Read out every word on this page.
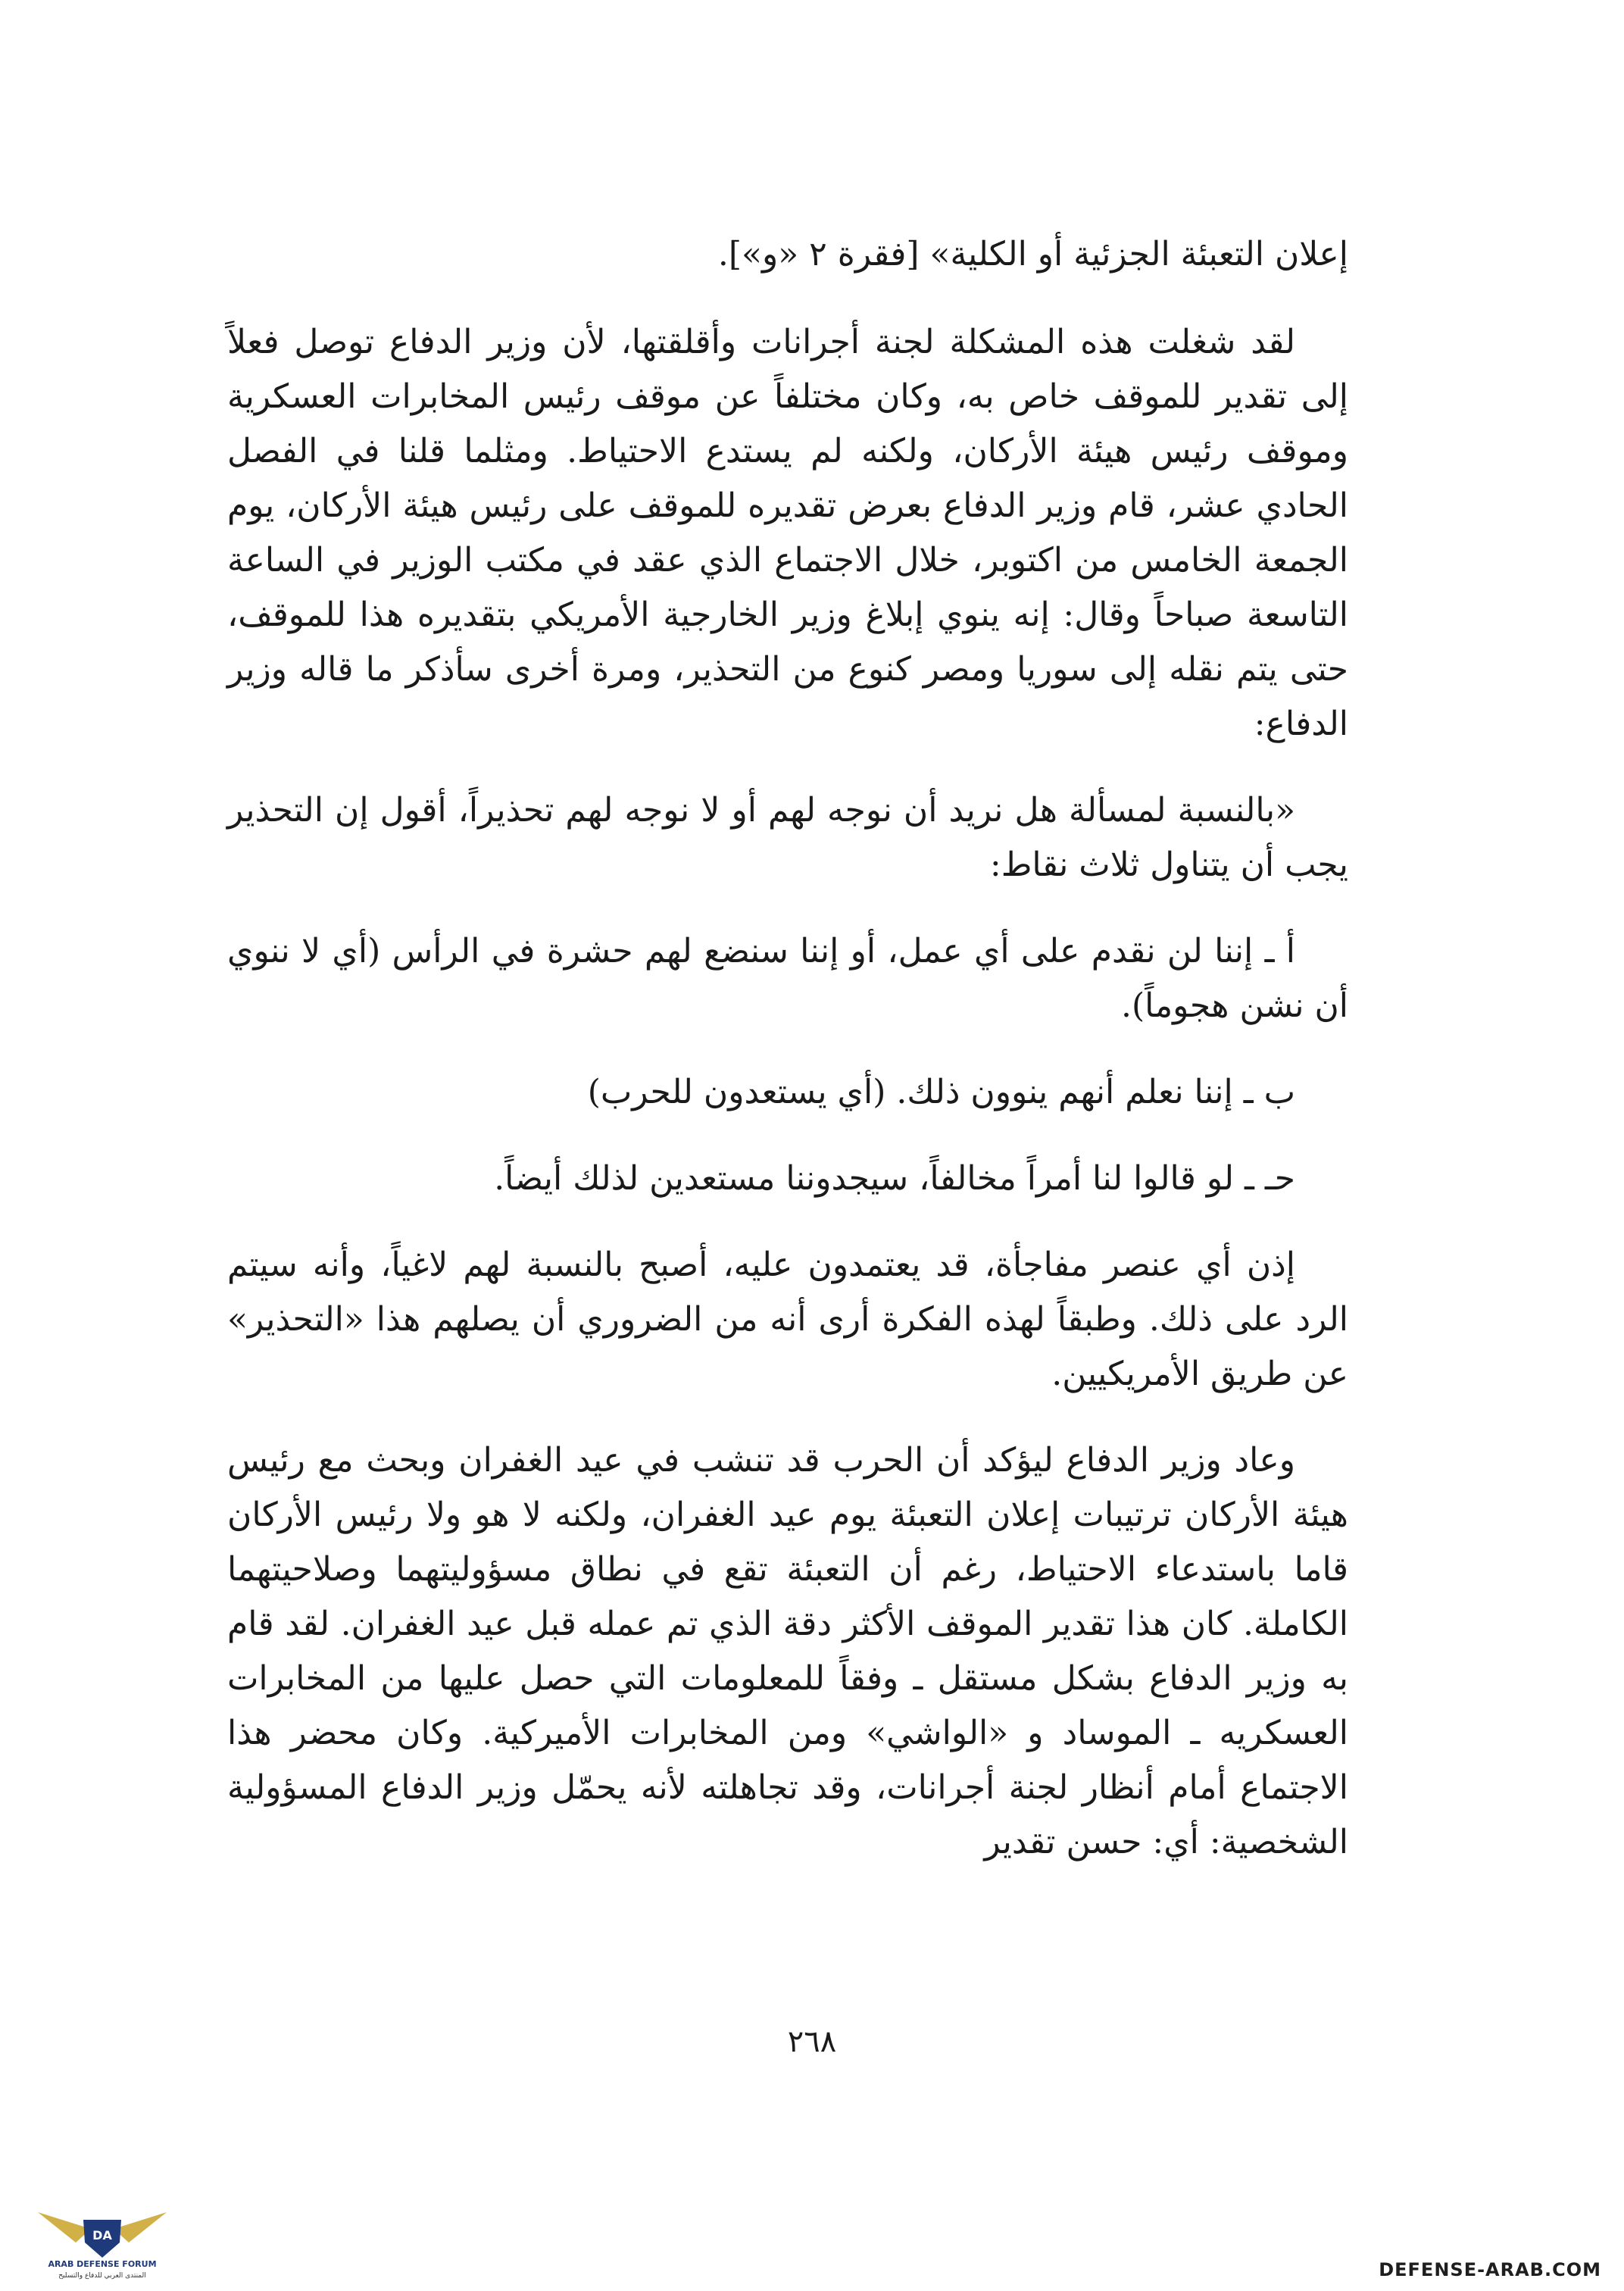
إعلان التعبئة الجزئية أو الكلية» [فقرة ٢ «و»].

لقد شغلت هذه المشكلة لجنة أجرانات وأقلقتها، لأن وزير الدفاع توصل فعلاً إلى تقدير للموقف خاص به، وكان مختلفاً عن موقف رئيس المخابرات العسكرية وموقف رئيس هيئة الأركان، ولكنه لم يستدع الاحتياط. ومثلما قلنا في الفصل الحادي عشر، قام وزير الدفاع بعرض تقديره للموقف على رئيس هيئة الأركان، يوم الجمعة الخامس من اكتوبر، خلال الاجتماع الذي عقد في مكتب الوزير في الساعة التاسعة صباحاً وقال: إنه ينوي إبلاغ وزير الخارجية الأمريكي بتقديره هذا للموقف، حتى يتم نقله إلى سوريا ومصر كنوع من التحذير، ومرة أخرى سأذكر ما قاله وزير الدفاع:

«بالنسبة لمسألة هل نريد أن نوجه لهم أو لا نوجه لهم تحذيراً، أقول إن التحذير يجب أن يتناول ثلاث نقاط:

أ ـ إننا لن نقدم على أي عمل، أو إننا سنضع لهم حشرة في الرأس (أي لا ننوي أن نشن هجوماً).

ب ـ إننا نعلم أنهم ينوون ذلك. (أي يستعدون للحرب)

حـ ـ لو قالوا لنا أمراً مخالفاً، سيجدوننا مستعدين لذلك أيضاً.

إذن أي عنصر مفاجأة، قد يعتمدون عليه، أصبح بالنسبة لهم لاغياً، وأنه سيتم الرد على ذلك. وطبقاً لهذه الفكرة أرى أنه من الضروري أن يصلهم هذا «التحذير» عن طريق الأمريكيين.

وعاد وزير الدفاع ليؤكد أن الحرب قد تنشب في عيد الغفران وبحث مع رئيس هيئة الأركان ترتيبات إعلان التعبئة يوم عيد الغفران، ولكنه لا هو ولا رئيس الأركان قاما باستدعاء الاحتياط، رغم أن التعبئة تقع في نطاق مسؤوليتهما وصلاحيتهما الكاملة. كان هذا تقدير الموقف الأكثر دقة الذي تم عمله قبل عيد الغفران. لقد قام به وزير الدفاع بشكل مستقل ـ وفقاً للمعلومات التي حصل عليها من المخابرات العسكريه ـ الموساد و «الواشي» ومن المخابرات الأميركية. وكان محضر هذا الاجتماع أمام أنظار لجنة أجرانات، وقد تجاهلته لأنه يحمّل وزير الدفاع المسؤولية الشخصية: أي: حسن تقدير

٢٦٨
DA
ARAB DEFENSE FORUM
المنتدى العربي للدفاع والتسليح	DEFENSE-ARAB.COM
